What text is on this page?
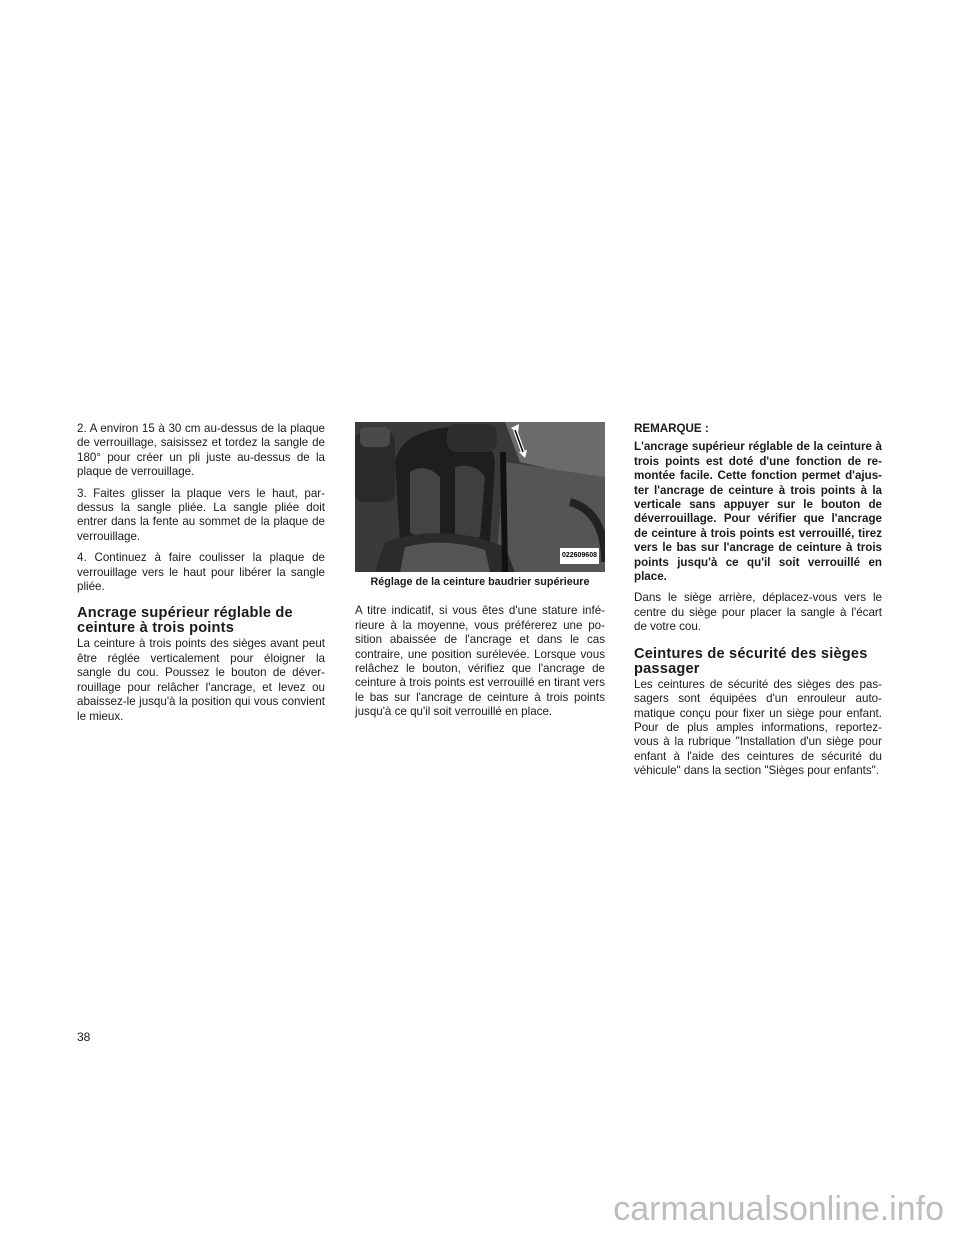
2. A environ 15 à 30 cm au-dessus de la plaque de verrouillage, saisissez et tordez la sangle de 180° pour créer un pli juste au-dessus de la plaque de verrouillage.

3. Faites glisser la plaque vers le haut, par-dessus la sangle pliée. La sangle pliée doit entrer dans la fente au sommet de la plaque de verrouillage.

4. Continuez à faire coulisser la plaque de verrouillage vers le haut pour libérer la sangle pliée.

Ancrage supérieur réglable de ceinture à trois points

La ceinture à trois points des sièges avant peut être réglée verticalement pour éloigner la sangle du cou. Poussez le bouton de déver-rouillage pour relâcher l'ancrage, et levez ou abaissez-le jusqu'à la position qui vous convient le mieux.

022609608
Réglage de la ceinture baudrier supérieure

A titre indicatif, si vous êtes d'une stature infé-rieure à la moyenne, vous préférerez une po-sition abaissée de l'ancrage et dans le cas contraire, une position surélevée. Lorsque vous relâchez le bouton, vérifiez que l'ancrage de ceinture à trois points est verrouillé en tirant vers le bas sur l'ancrage de ceinture à trois points jusqu'à ce qu'il soit verrouillé en place.

REMARQUE :

L'ancrage supérieur réglable de la ceinture à trois points est doté d'une fonction de re-montée facile. Cette fonction permet d'ajus-ter l'ancrage de ceinture à trois points à la verticale sans appuyer sur le bouton de déverrouillage. Pour vérifier que l'ancrage de ceinture à trois points est verrouillé, tirez vers le bas sur l'ancrage de ceinture à trois points jusqu'à ce qu'il soit verrouillé en place.

Dans le siège arrière, déplacez-vous vers le centre du siège pour placer la sangle à l'écart de votre cou.

Ceintures de sécurité des sièges passager

Les ceintures de sécurité des sièges des pas-sagers sont équipées d'un enrouleur auto-matique conçu pour fixer un siège pour enfant. Pour de plus amples informations, reportez-vous à la rubrique "Installation d'un siège pour enfant à l'aide des ceintures de sécurité du véhicule" dans la section "Sièges pour enfants".

38
carmanualsonline.info
